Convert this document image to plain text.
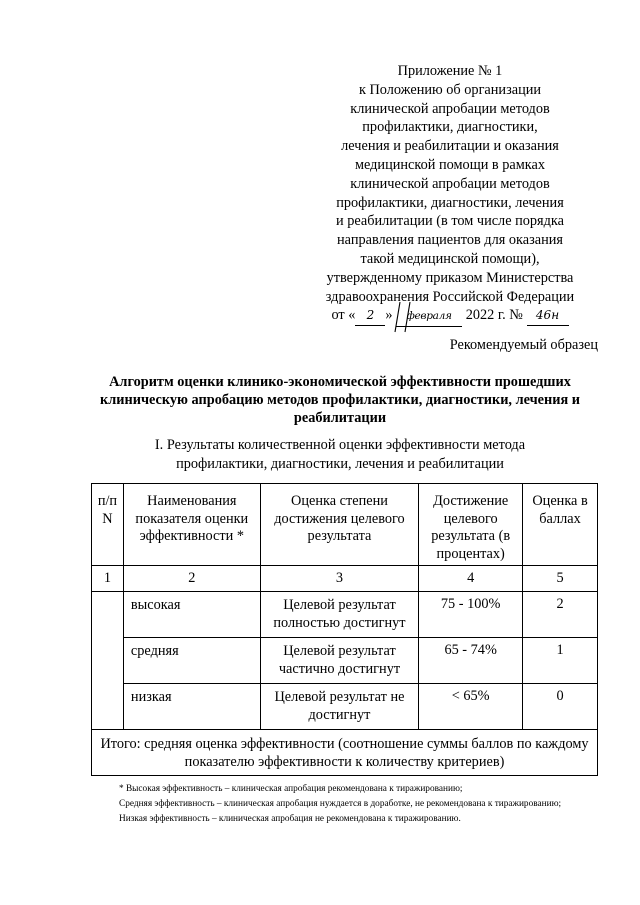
Приложение № 1
к Положению об организации
клинической апробации методов
профилактики, диагностики,
лечения и реабилитации и оказания
медицинской помощи в рамках
клинической апробации методов
профилактики, диагностики, лечения
и реабилитации (в том числе порядка
направления пациентов для оказания
такой медицинской помощи),
утвержденному приказом Министерства
здравоохранения Российской Федерации
от « 2 » февраля 2022 г. № 46н
Рекомендуемый образец
Алгоритм оценки клинико-экономической эффективности прошедших клиническую апробацию методов профилактики, диагностики, лечения и реабилитации
I. Результаты количественной оценки эффективности метода
профилактики, диагностики, лечения и реабилитации
п/п N	Наименования показателя оценки эффективности *	Оценка степени достижения целевого результата	Достижение целевого результата (в процентах)	Оценка в баллах
1	2	3	4	5
	высокая	Целевой результат полностью достигнут	75 - 100%	2
	средняя	Целевой результат частично достигнут	65 - 74%	1
	низкая	Целевой результат не достигнут	< 65%	0
Итого: средняя оценка эффективности (соотношение суммы баллов по каждому показателю эффективности к количеству критериев)				

* Высокая эффективность – клиническая апробация рекомендована к тиражированию;

Средняя эффективность – клиническая апробация нуждается в доработке, не рекомендована к тиражированию;

Низкая эффективность – клиническая апробация не рекомендована к тиражированию.
